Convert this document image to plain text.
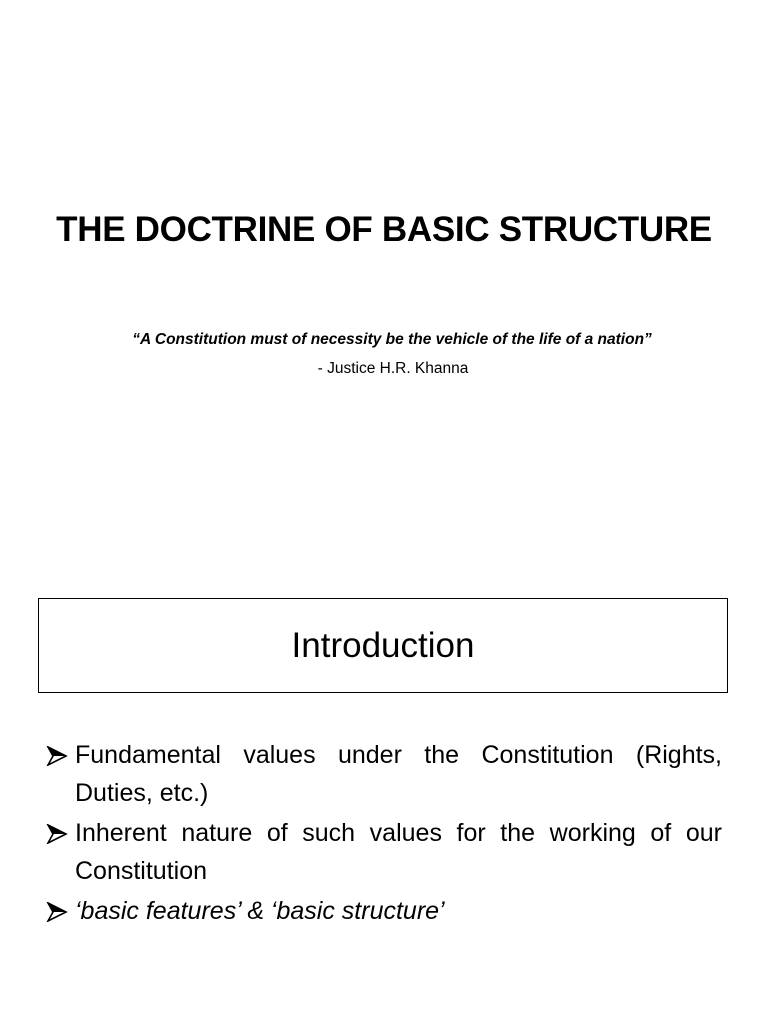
THE DOCTRINE OF BASIC STRUCTURE

“A Constitution must of necessity be the vehicle of the life of a nation”

- Justice H.R. Khanna

Introduction
Fundamental values under the Constitution (Rights, Duties, etc.)
Inherent nature of such values for the working of our Constitution
‘basic features’ & ‘basic structure’
